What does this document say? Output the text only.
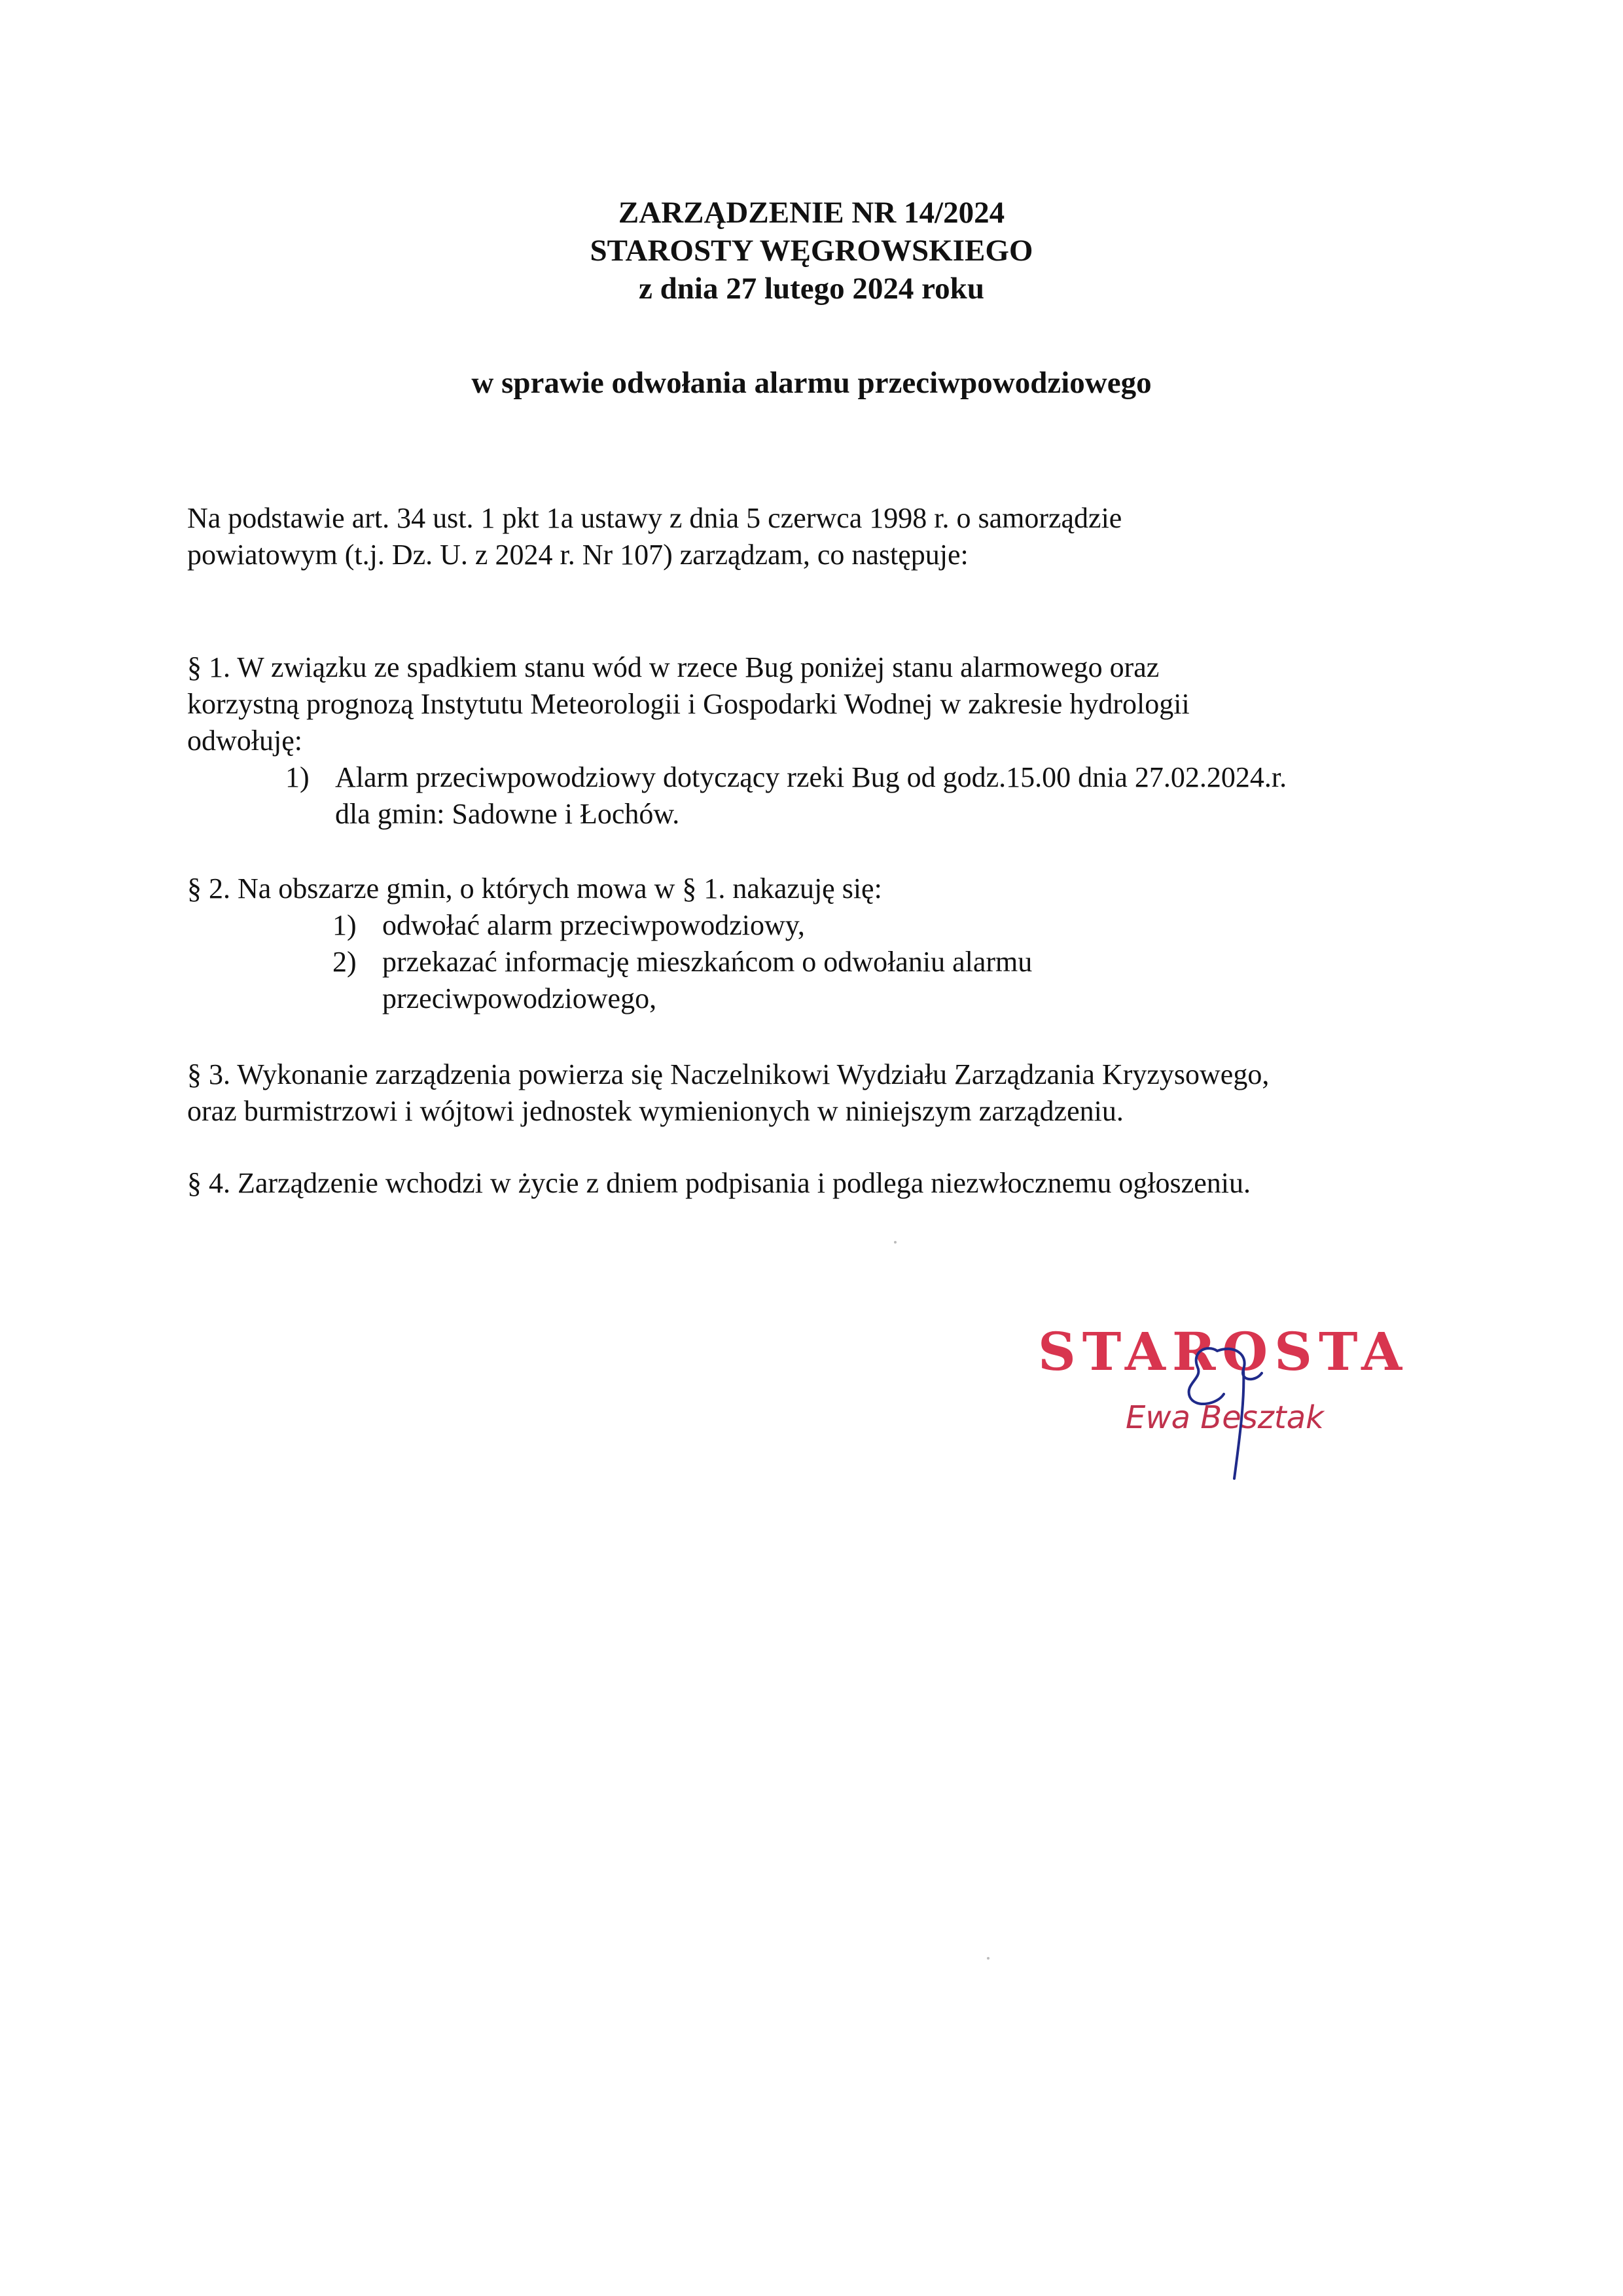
ZARZĄDZENIE NR 14/2024
STAROSTY WĘGROWSKIEGO
z dnia 27 lutego 2024 roku
w sprawie odwołania alarmu przeciwpowodziowego
Na podstawie art. 34 ust. 1 pkt 1a ustawy z dnia 5 czerwca 1998 r. o samorządzie
powiatowym (t.j. Dz. U. z 2024 r. Nr 107) zarządzam, co następuje:
§ 1. W związku ze spadkiem stanu wód w rzece Bug poniżej stanu alarmowego oraz
korzystną prognozą Instytutu Meteorologii i Gospodarki Wodnej w zakresie hydrologii
odwołuję:
1) Alarm przeciwpowodziowy dotyczący rzeki Bug od godz.15.00 dnia 27.02.2024.r.
dla gmin: Sadowne i Łochów.
§ 2. Na obszarze gmin, o których mowa w § 1. nakazuję się:
1) odwołać alarm przeciwpowodziowy,
2) przekazać informację mieszkańcom o odwołaniu alarmu
przeciwpowodziowego,
§ 3. Wykonanie zarządzenia powierza się Naczelnikowi Wydziału Zarządzania Kryzysowego,
oraz burmistrzowi i wójtowi jednostek wymienionych w niniejszym zarządzeniu.
§ 4. Zarządzenie wchodzi w życie z dniem podpisania i podlega niezwłocznemu ogłoszeniu.
STAROSTA
Ewa Besztak
